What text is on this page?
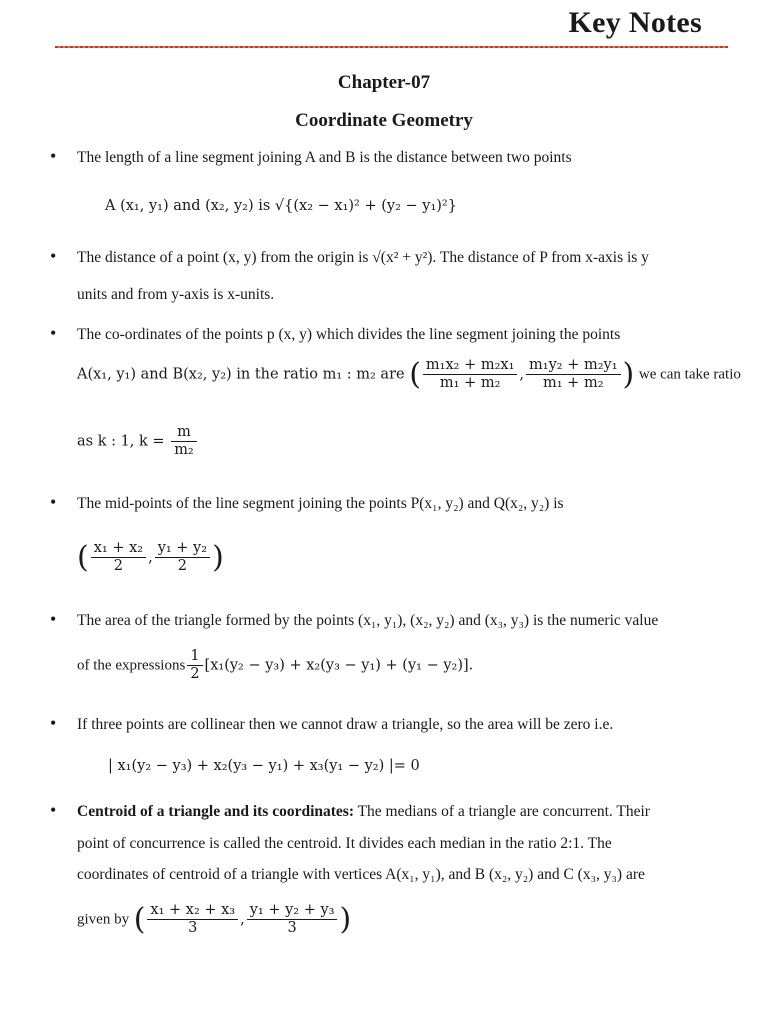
Key Notes
Chapter-07
Coordinate Geometry
•
The length of a line segment joining A and B is the distance between two points
A (x₁, y₁) and (x₂, y₂) is √{(x₂ − x₁)² + (y₂ − y₁)²}
•
The distance of a point (x, y) from the origin is √(x² + y²). The distance of P from x-axis is y
units and from y-axis is x-units.
•
The co-ordinates of the points p (x, y) which divides the line segment joining the points
A(x₁, y₁) and B(x₂, y₂) in the ratio m₁ : m₂ are ( $\frac{\text{m₁x₂ + m₂x₁}}{\text{m₁ + m₂}}$ , $\frac{\text{m₁y₂ + m₂y₁}}{\text{m₁ + m₂}}$ ) we can take ratio
as k : 1, $k = \frac{m}{\text{m₂}}$
•
The mid-points of the line segment joining the points P(x₁, y₂) and Q(x₂, y₂) is
( $\frac{\text{x₁ + x₂}}{2}$ , $\frac{\text{y₁ + y₂}}{2}$ )
•
The area of the triangle formed by the points (x₁, y₁), (x₂, y₂) and (x₃, y₃) is the numeric value
of the expressions $\frac{1}{2} [x_1(y_2 - y_3) + x_2(y_3 - y_1) + (y_1 - y_2)]$.
•
If three points are collinear then we cannot draw a triangle, so the area will be zero i.e.
| x₁(y₂ − y₃) + x₂(y₃ − y₁) + x₃(y₁ − y₂) |= 0
•
Centroid of a triangle and its coordinates: The medians of a triangle are concurrent. Their
point of concurrence is called the centroid. It divides each median in the ratio 2:1. The
coordinates of centroid of a triangle with vertices A(x₁, y₁), and B (x₂, y₂) and C (x₃, y₃) are
given by ( $\frac{\text{x₁ + x₂ + x₃}}{3}$ , $\frac{\text{y₁ + y₂ + y₃}}{3}$ )
